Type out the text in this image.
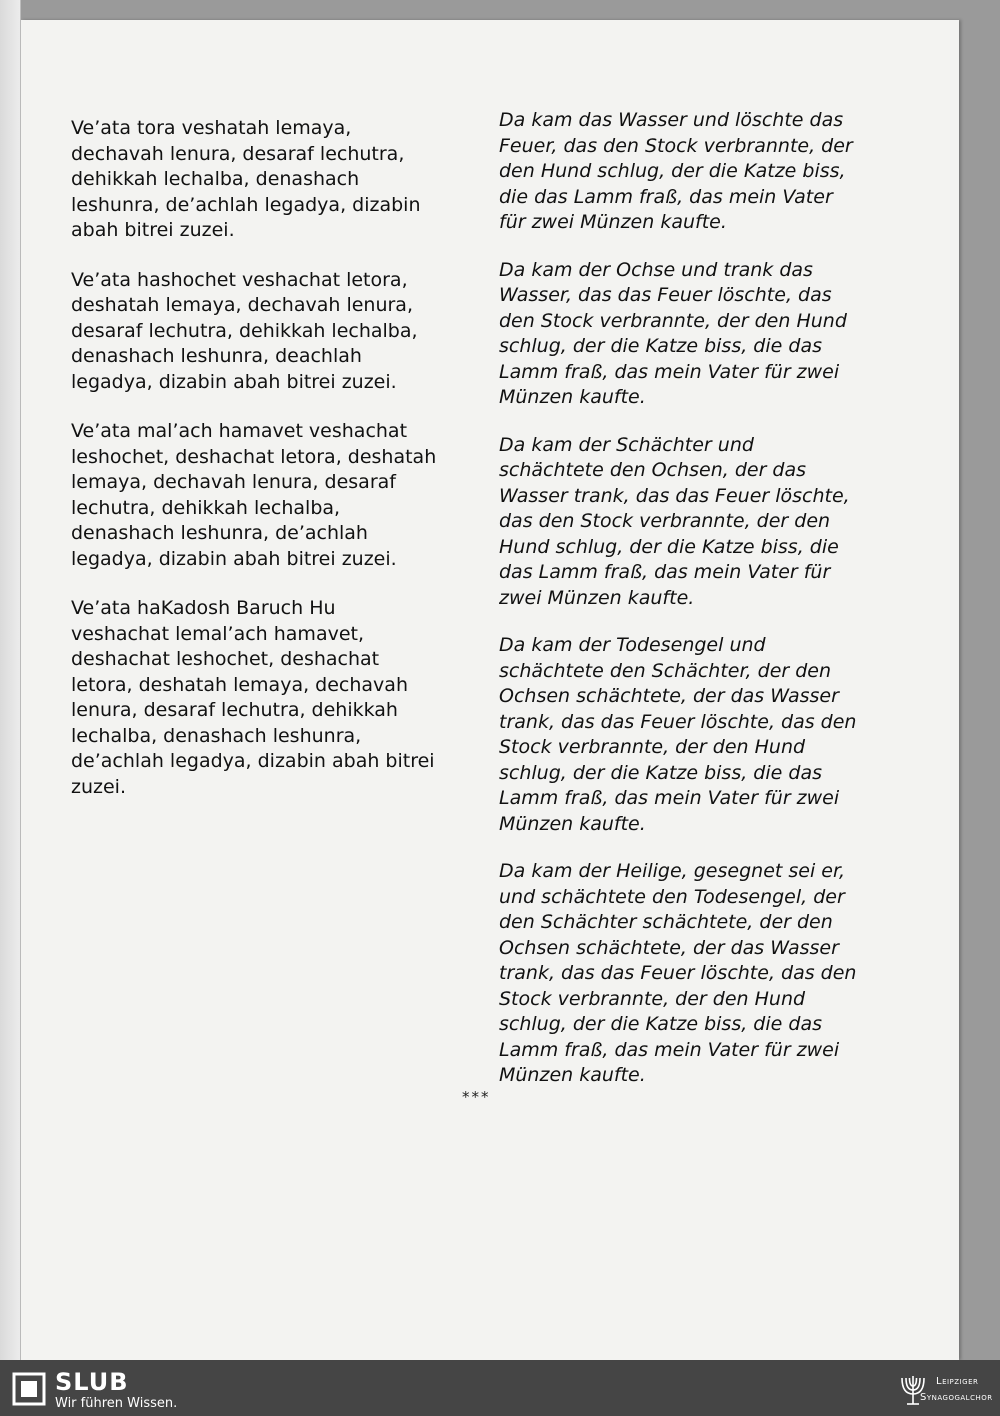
Ve’ata tora veshatah lemaya,
dechavah lenura, desaraf lechutra,
dehikkah lechalba, denashach
leshunra, de’achlah legadya, dizabin
abah bitrei zuzei.
Ve’ata hashochet veshachat letora,
deshatah lemaya, dechavah lenura,
desaraf lechutra, dehikkah lechalba,
denashach leshunra, deachlah
legadya, dizabin abah bitrei zuzei.
Ve’ata mal’ach hamavet veshachat
leshochet, deshachat letora, deshatah
lemaya, dechavah lenura, desaraf
lechutra, dehikkah lechalba,
denashach leshunra, de’achlah
legadya, dizabin abah bitrei zuzei.
Ve’ata haKadosh Baruch Hu
veshachat lemal’ach hamavet,
deshachat leshochet, deshachat
letora, deshatah lemaya, dechavah
lenura, desaraf lechutra, dehikkah
lechalba, denashach leshunra,
de’achlah legadya, dizabin abah bitrei
zuzei.
Da kam das Wasser und löschte das
Feuer, das den Stock verbrannte, der
den Hund schlug, der die Katze biss,
die das Lamm fraß, das mein Vater
für zwei Münzen kaufte.
Da kam der Ochse und trank das
Wasser, das das Feuer löschte, das
den Stock verbrannte, der den Hund
schlug, der die Katze biss, die das
Lamm fraß, das mein Vater für zwei
Münzen kaufte.
Da kam der Schächter und
schächtete den Ochsen, der das
Wasser trank, das das Feuer löschte,
das den Stock verbrannte, der den
Hund schlug, der die Katze biss, die
das Lamm fraß, das mein Vater für
zwei Münzen kaufte.
Da kam der Todesengel und
schächtete den Schächter, der den
Ochsen schächtete, der das Wasser
trank, das das Feuer löschte, das den
Stock verbrannte, der den Hund
schlug, der die Katze biss, die das
Lamm fraß, das mein Vater für zwei
Münzen kaufte.
Da kam der Heilige, gesegnet sei er,
und schächtete den Todesengel, der
den Schächter schächtete, der den
Ochsen schächtete, der das Wasser
trank, das das Feuer löschte, das den
Stock verbrannte, der den Hund
schlug, der die Katze biss, die das
Lamm fraß, das mein Vater für zwei
Münzen kaufte.
***
SLUB
Wir führen Wissen.
Leipziger
Synagogalchor
